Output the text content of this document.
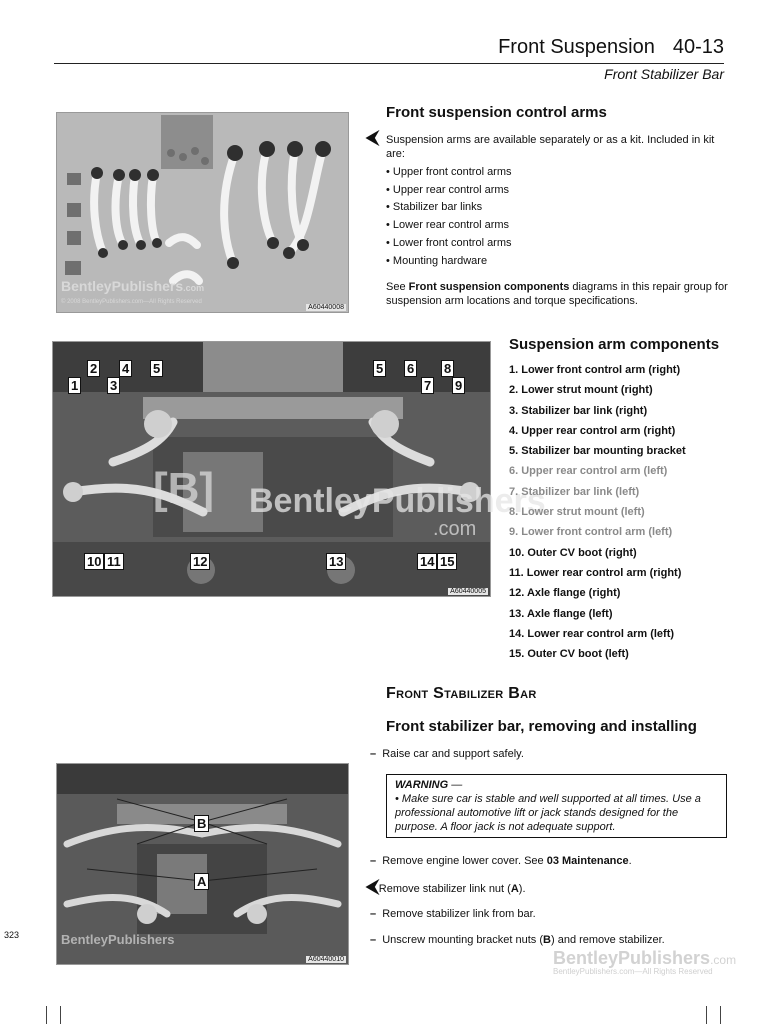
Front Suspension 40-13
Front Stabilizer Bar
BentleyPublishers.com
© 2008 BentleyPublishers.com—All Rights Reserved
A60440008
Front suspension control arms
⮜ Suspension arms are available separately or as a kit. Included in kit are:
• Upper front control arms
• Upper rear control arms
• Stabilizer bar links
• Lower rear control arms
• Lower front control arms
• Mounting hardware
See Front suspension components diagrams in this repair group for suspension arm locations and torque specifications.
[B] BentleyPublishers
.com
1
2
3
4 5	5 6
7
8
9
10 11	12	13	14 15
A60440005
Suspension arm components
1. Lower front control arm (right)
2. Lower strut mount (right)
3. Stabilizer bar link (right)
4. Upper rear control arm (right)
5. Stabilizer bar mounting bracket
6. Upper rear control arm (left)
7. Stabilizer bar link (left)
8. Lower strut mount (left)
9. Lower front control arm (left)
10. Outer CV boot (right)
11. Lower rear control arm (right)
12. Axle flange (right)
13. Axle flange (left)
14. Lower rear control arm (left)
15. Outer CV boot (left)
Front Stabilizer Bar
Front stabilizer bar, removing and installing
–  Raise car and support safely.
WARNING —
• Make sure car is stable and well supported at all times. Use a professional automotive lift or jack stands designed for the purpose. A floor jack is not adequate support.
–  Remove engine lower cover. See 03 Maintenance.
⮜Remove stabilizer link nut (A).
–  Remove stabilizer link from bar.
–  Unscrew mounting bracket nuts (B) and remove stabilizer.
B
A
BentleyPublishers
A60440010
323
BentleyPublishers.com
BentleyPublishers.com—All Rights Reserved
